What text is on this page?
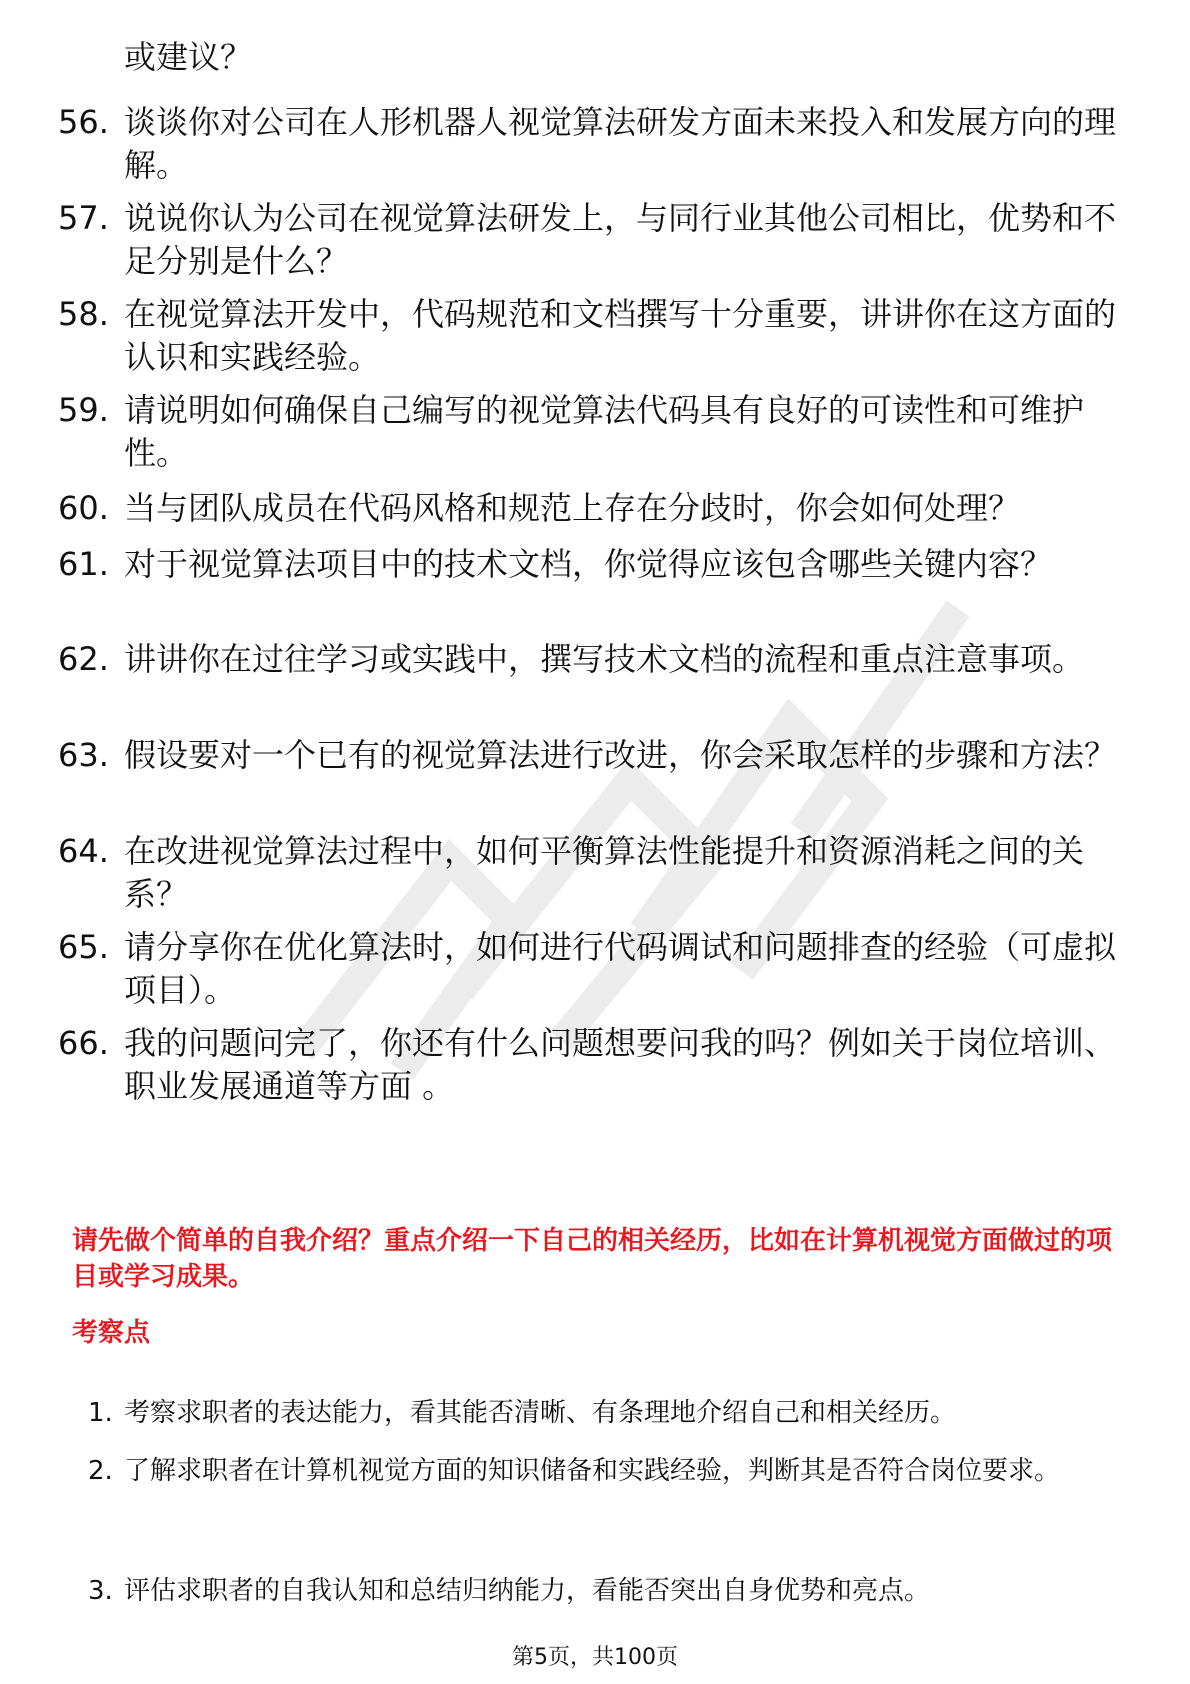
或建议？
56. 谈谈你对公司在人形机器人视觉算法研发方面未来投入和发展方向的理解。
57. 说说你认为公司在视觉算法研发上，与同行业其他公司相比，优势和不足分别是什么？
58. 在视觉算法开发中，代码规范和文档撰写十分重要，讲讲你在这方面的认识和实践经验。
59. 请说明如何确保自己编写的视觉算法代码具有良好的可读性和可维护性。
60. 当与团队成员在代码风格和规范上存在分歧时，你会如何处理？
61. 对于视觉算法项目中的技术文档，你觉得应该包含哪些关键内容？
62. 讲讲你在过往学习或实践中，撰写技术文档的流程和重点注意事项。
63. 假设要对一个已有的视觉算法进行改进，你会采取怎样的步骤和方法？
64. 在改进视觉算法过程中，如何平衡算法性能提升和资源消耗之间的关系？
65. 请分享你在优化算法时，如何进行代码调试和问题排查的经验（可虚拟项目）。
66. 我的问题问完了，你还有什么问题想要问我的吗？例如关于岗位培训、职业发展通道等方面 。
请先做个简单的自我介绍？重点介绍一下自己的相关经历，比如在计算机视觉方面做过的项目或学习成果。
考察点
1. 考察求职者的表达能力，看其能否清晰、有条理地介绍自己和相关经历。
2. 了解求职者在计算机视觉方面的知识储备和实践经验，判断其是否符合岗位要求。
3. 评估求职者的自我认知和总结归纳能力，看能否突出自身优势和亮点。
第5页，共100页
